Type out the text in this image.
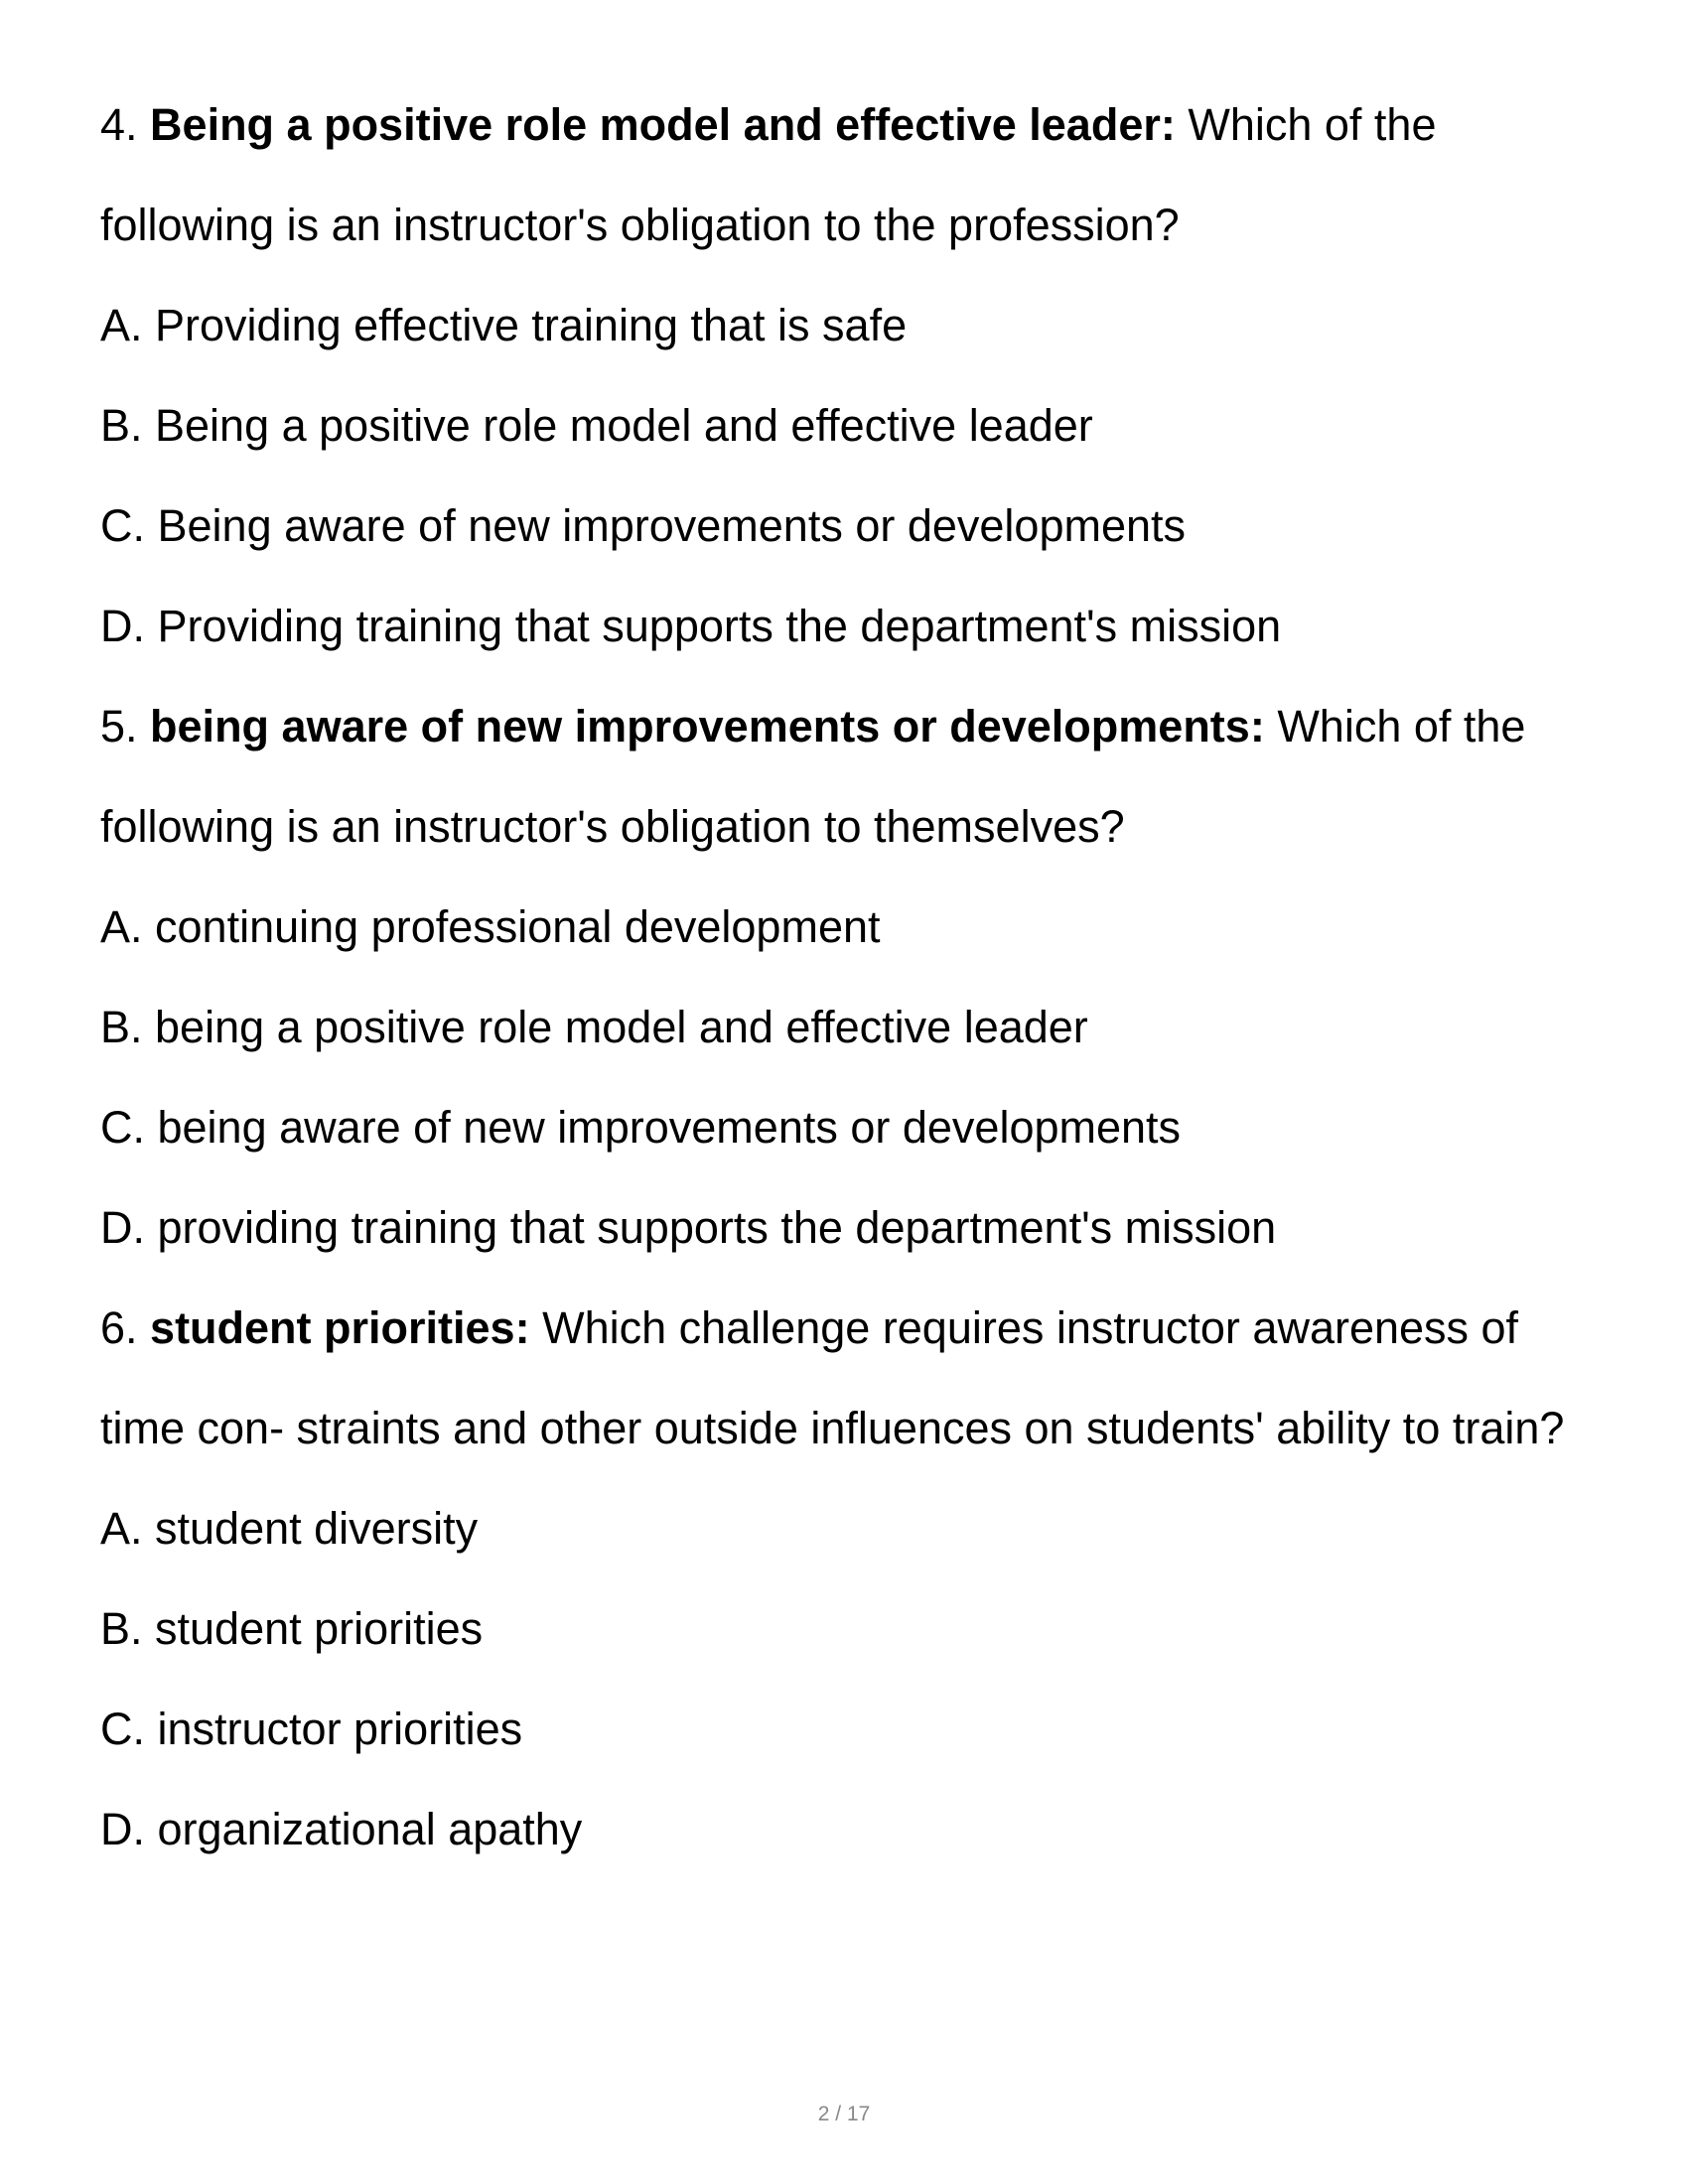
4. Being a positive role model and effective leader: Which of the
following is an instructor's obligation to the profession?
A. Providing effective training that is safe
B. Being a positive role model and effective leader
C. Being aware of new improvements or developments
D. Providing training that supports the department's mission
5. being aware of new improvements or developments: Which of the
following is an instructor's obligation to themselves?
A. continuing professional development
B. being a positive role model and effective leader
C. being aware of new improvements or developments
D. providing training that supports the department's mission
6. student priorities: Which challenge requires instructor awareness of
time con- straints and other outside influences on students' ability to train?
A. student diversity
B. student priorities
C. instructor priorities
D. organizational apathy
2 / 17
